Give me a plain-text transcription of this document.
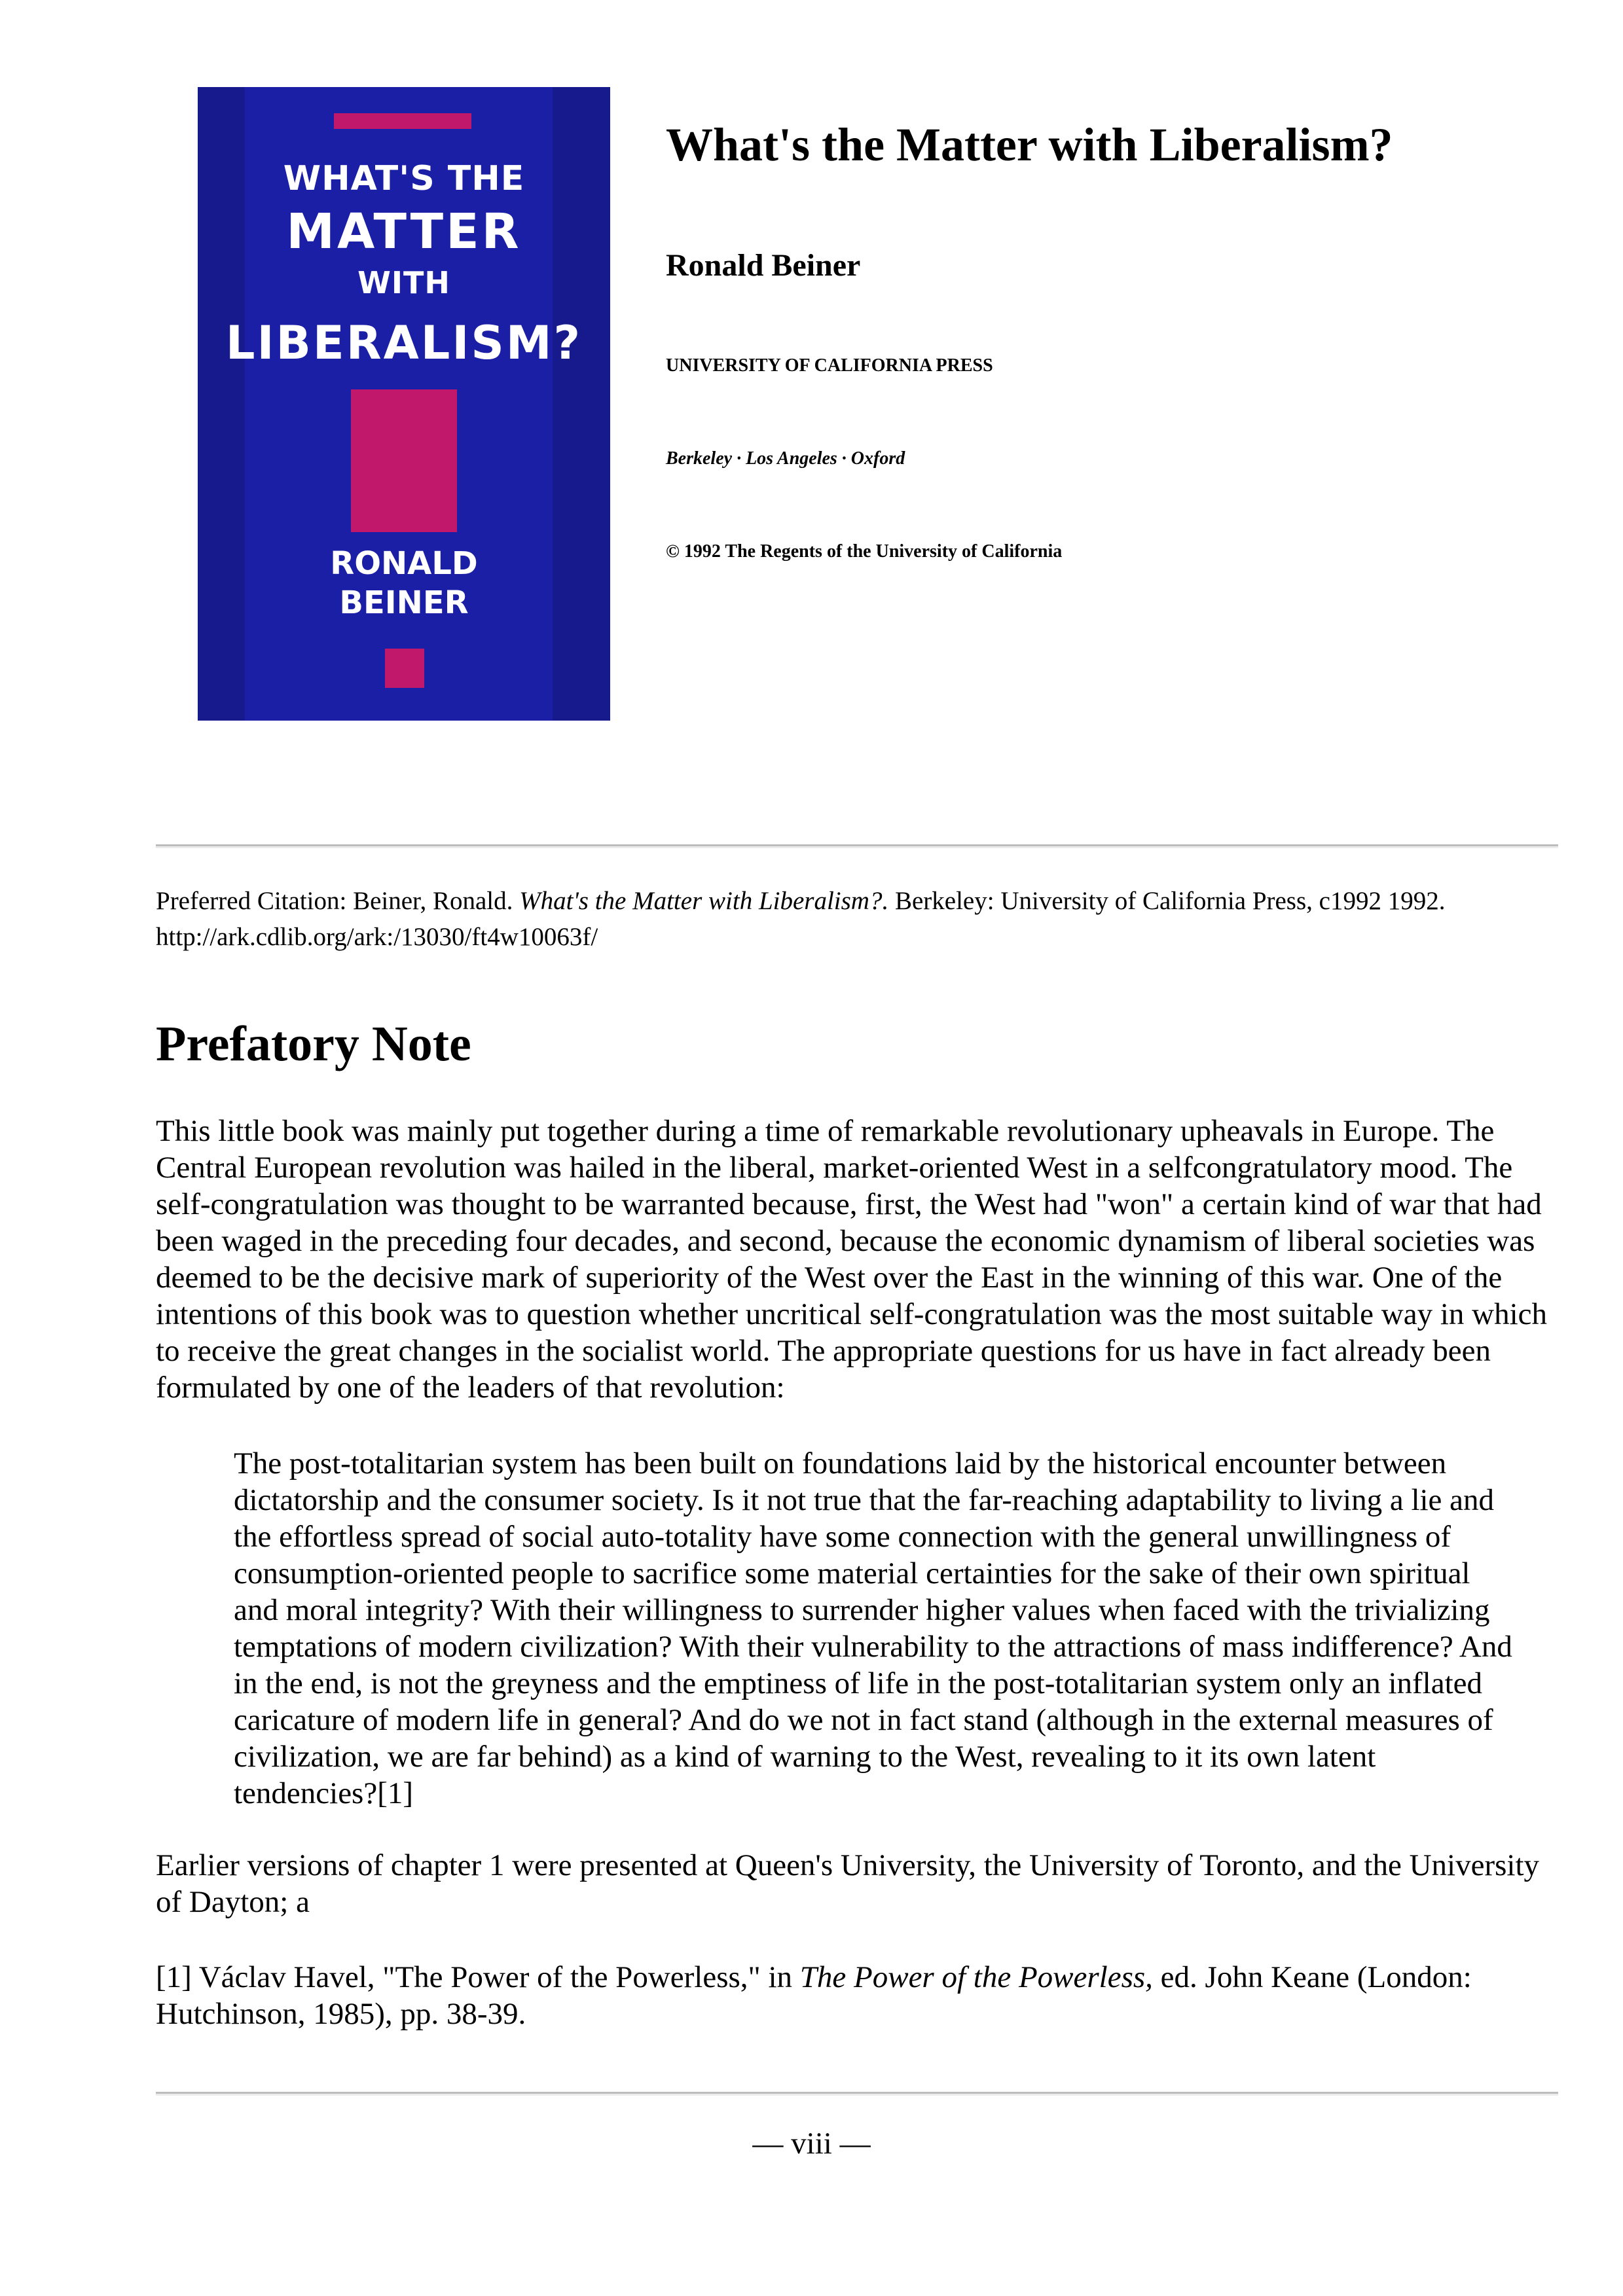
WHAT'S THE
MATTER
WITH
LIBERALISM?
RONALD
BEINER
What's the Matter with Liberalism?
Ronald Beiner
UNIVERSITY OF CALIFORNIA PRESS
Berkeley · Los Angeles · Oxford
© 1992 The Regents of the University of California
Preferred Citation: Beiner, Ronald. What's the Matter with Liberalism?. Berkeley: University of California Press, c1992 1992. http://ark.cdlib.org/ark:/13030/ft4w10063f/
Prefatory Note

This little book was mainly put together during a time of remarkable revolutionary upheavals in Europe. The Central European revolution was hailed in the liberal, market-oriented West in a selfcongratulatory mood. The self-congratulation was thought to be warranted because, first, the West had "won" a certain kind of war that had been waged in the preceding four decades, and second, because the economic dynamism of liberal societies was deemed to be the decisive mark of superiority of the West over the East in the winning of this war. One of the intentions of this book was to question whether uncritical self-congratulation was the most suitable way in which to receive the great changes in the socialist world. The appropriate questions for us have in fact already been formulated by one of the leaders of that revolution:

The post-totalitarian system has been built on foundations laid by the historical encounter between dictatorship and the consumer society. Is it not true that the far-reaching adaptability to living a lie and the effortless spread of social auto-totality have some connection with the general unwillingness of consumption-oriented people to sacrifice some material certainties for the sake of their own spiritual and moral integrity? With their willingness to surrender higher values when faced with the trivializing temptations of modern civilization? With their vulnerability to the attractions of mass indifference? And in the end, is not the greyness and the emptiness of life in the post-totalitarian system only an inflated caricature of modern life in general? And do we not in fact stand (although in the external measures of civilization, we are far behind) as a kind of warning to the West, revealing to it its own latent tendencies?[1]

Earlier versions of chapter 1 were presented at Queen's University, the University of Toronto, and the University of Dayton; a

[1] Václav Havel, "The Power of the Powerless," in The Power of the Powerless, ed. John Keane (London: Hutchinson, 1985), pp. 38-39.

— viii —
